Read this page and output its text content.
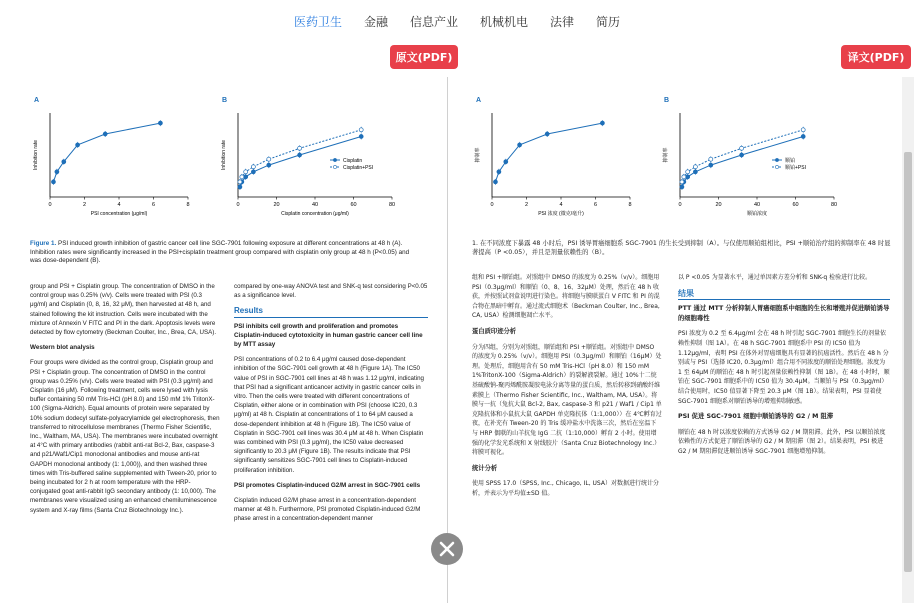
医药卫生 金融 信息产业 机械机电 法律 简历
原文(PDF)	译文(PDF)
A
0	2	4	6	8
PSI concentration (μg/ml)
Inhibition rate
B
0	20	40	60	80
Cisplatin concentration (μg/ml)
Inhibition rate	Cisplatin
Cisplatin+PSI
Figure 1. PSI induced growth inhibition of gastric cancer cell line SGC-7901 following exposure at different concentrations at 48 h (A). Inhibition rates were significantly increased in the PSI+cisplatin treatment group compared with cisplatin only group at 48 h (P<0.05) and was dose-dependent (B).

group and PSI + Cisplatin group. The concentration of DMSO in the control group was 0.25% (v/v). Cells were treated with PSI (0.3 μg/ml) and Cisplatin (0, 8, 16, 32 μM), then harvested at 48 h, and stained following the kit instruction. Cells were incubated with the mixture of Annexin V FITC and PI in the dark. Apoptosis levels were detected by flow cytometry (Beckman Coulter, Inc., Brea, CA, USA).

Western blot analysis

Four groups were divided as the control group, Cisplatin group and PSI + Cisplatin group. The concentration of DMSO in the control group was 0.25% (v/v). Cells were treated with PSI (0.3 μg/ml) and Cisplatin (16 μM). Following treatment, cells were lysed with lysis buffer containing 50 mM Tris-HCl (pH 8.0) and 150 mM 1% TritonX-100 (Sigma-Aldrich). Equal amounts of protein were separated by 10% sodium dodecyl sulfate-polyacrylamide gel electrophoresis, then transferred to nitrocellulose membranes (Thermo Fisher Scientific, Inc., Waltham, MA, USA). The membranes were incubated overnight at 4°C with primary antibodies (rabbit anti-rat Bcl-2, Bax, caspase-3 and p21/Waf1/Cip1 monoclonal antibodies and mouse anti-rat GAPDH monoclonal antibody (1: 1,000)), and then washed three times with Tris-buffered saline supplemented with Tween-20, prior to being incubated for 2 h at room temperature with the HRP-conjugated goat anti-rabbit IgG secondary antibody (1: 10,000). The membranes were visualized using an enhanced chemiluminescence system and X-ray films (Santa Cruz Biotechnology Inc.).

compared by one-way ANOVA test and SNK-q test considering P<0.05 as a significance level.

Results
PSI inhibits cell growth and proliferation and promotes Cisplatin-induced cytotoxicity in human gastric cancer cell line by MTT assay

PSI concentrations of 0.2 to 6.4 μg/ml caused dose-dependent inhibition of the SGC-7901 cell growth at 48 h (Figure 1A). The IC50 value of PSI in SGC-7901 cell lines at 48 h was 1.12 μg/ml, indicating that PSI had a significant anticancer activity in gastric cancer cells in vitro. Then the cells were treated with different concentrations of Cisplatin, either alone or in combination with PSI (choose IC20, 0.3 μg/ml) at 48 h. Cisplatin at concentrations of 1 to 64 μM caused a dose-dependent inhibition at 48 h (Figure 1B). The IC50 value of Cisplatin in SGC-7901 cell lines was 30.4 μM at 48 h. When Cisplatin was combined with PSI (0.3 μg/ml), the IC50 value decreased significantly to 20.3 μM (Figure 1B). The results indicate that PSI significantly sensitizes SGC-7901 cell lines to Cisplatin-induced proliferation inhibition.

PSI promotes Cisplatin-induced G2/M arrest in SGC-7901 cells

Cisplatin induced G2/M phase arrest in a concentration-dependent manner at 48 h. Furthermore, PSI promoted Cisplatin-induced G2/M phase arrest in a concentration-dependent manner

A
0	2	4	6	8
PSI 浓度 (微克/毫升)
抑制率
B
0	20	40	60	80
顺铂浓度
抑制率	顺铂
顺铂+PSI
1. 在不同浓度下暴露 48 小时后，PSI 诱导胃癌细胞系 SGC-7901 的生长受到抑制（A）。与仅使用顺铂组相比，PSI +顺铂治疗组的抑制率在 48 时显著提高（P <0.05），并且是剂量依赖性的（B）。

组和 PSI +顺铂组。对照组中 DMSO 的浓度为 0.25%（v/v）。细胞用 PSI（0.3μg/ml）和顺铂（0、8、16、32μM）处理，然后在 48 h 收获，并按照试剂盒说明进行染色。将细胞与膜联蛋白 V FITC 和 PI 的混合物在黑暗中孵育。通过流式细胞术（Beckman Coulter, Inc., Brea, CA, USA）检测细胞凋亡水平。

蛋白质印迹分析

分为四组，分别为对照组，顺铂组和 PSI +顺铂组。对照组中 DMSO 的浓度为 0.25%（v/v）。细胞用 PSI（0.3μg/ml）和顺铂（16μM）处理。处理后，细胞用含有 50 mM Tris-HCl（pH 8.0）和 150 mM 1%TritonX-100（Sigma-Aldrich）的裂解液裂解。通过 10%十二烷基硫酸钠-聚丙烯酰胺凝胶电泳分离等量的蛋白质，然后转移到硝酸纤维素膜上（Thermo Fisher Scientific, Inc., Waltham, MA, USA）。将膜与一抗（兔抗大鼠 Bcl-2, Bax, caspase-3 和 p21 / Waf1 / Cip1 单克隆抗体和小鼠抗大鼠 GAPDH 单克隆抗体（1:1,000））在 4℃孵育过夜，在补充有 Tween-20 的 Tris 缓冲盐水中洗涤三次，然后在室温下与 HRP 偶联的山羊抗兔 IgG 二抗（1:10,000）孵育 2 小时。使用增强的化学发光系统和 X 射线胶片（Santa Cruz Biotechnology Inc.）将膜可视化。

统计分析

使用 SPSS 17.0（SPSS, Inc., Chicago, IL, USA）对数据进行统计分析，并表示为平均值±SD 值。

以 P <0.05 为显著水平，通过单因素方差分析和 SNK-q 检验进行比较。

结果
PTT 通过 MTT 分析抑制人胃癌细胞系中细胞的生长和增殖并促进顺铂诱导的细胞毒性

PSI 浓度为 0.2 至 6.4μg/ml 会在 48 h 时引起 SGC-7901 细胞生长的剂量依赖性抑制（图 1A）。在 48 h SGC-7901 细胞系中 PSI 的 IC50 值为 1.12μg/ml，表明 PSI 在体外对胃癌细胞具有显著的抗癌活性。然后在 48 h 分别或与 PSI（选择 IC20, 0.3μg/ml）组合用不同浓度的顺铂处理细胞。浓度为 1 至 64μM 的顺铂在 48 h 时引起剂量依赖性抑制（图 1B）。在 48 小时时，顺铂在 SGC-7901 细胞系中的 IC50 值为 30.4μM。当顺铂与 PSI（0.3μg/ml）结合使用时，IC50 值显著下降至 20.3 μM（图 1B）。结果表明，PSI 显着使 SGC-7901 细胞系对顺铂诱导的增殖抑制敏感。

PSI 促进 SGC-7901 细胞中顺铂诱导的 G2 / M 阻滞

顺铂在 48 h 时以浓度依赖的方式诱导 G2 / M 期阻滞。此外，PSI 以顺铂浓度依赖性的方式促进了顺铂诱导的 G2 / M 期阻滞（图 2）。结果表明，PSI 极进 G2 / M 期阻滞促进顺铂诱导 SGC-7901 细胞增殖抑制。
